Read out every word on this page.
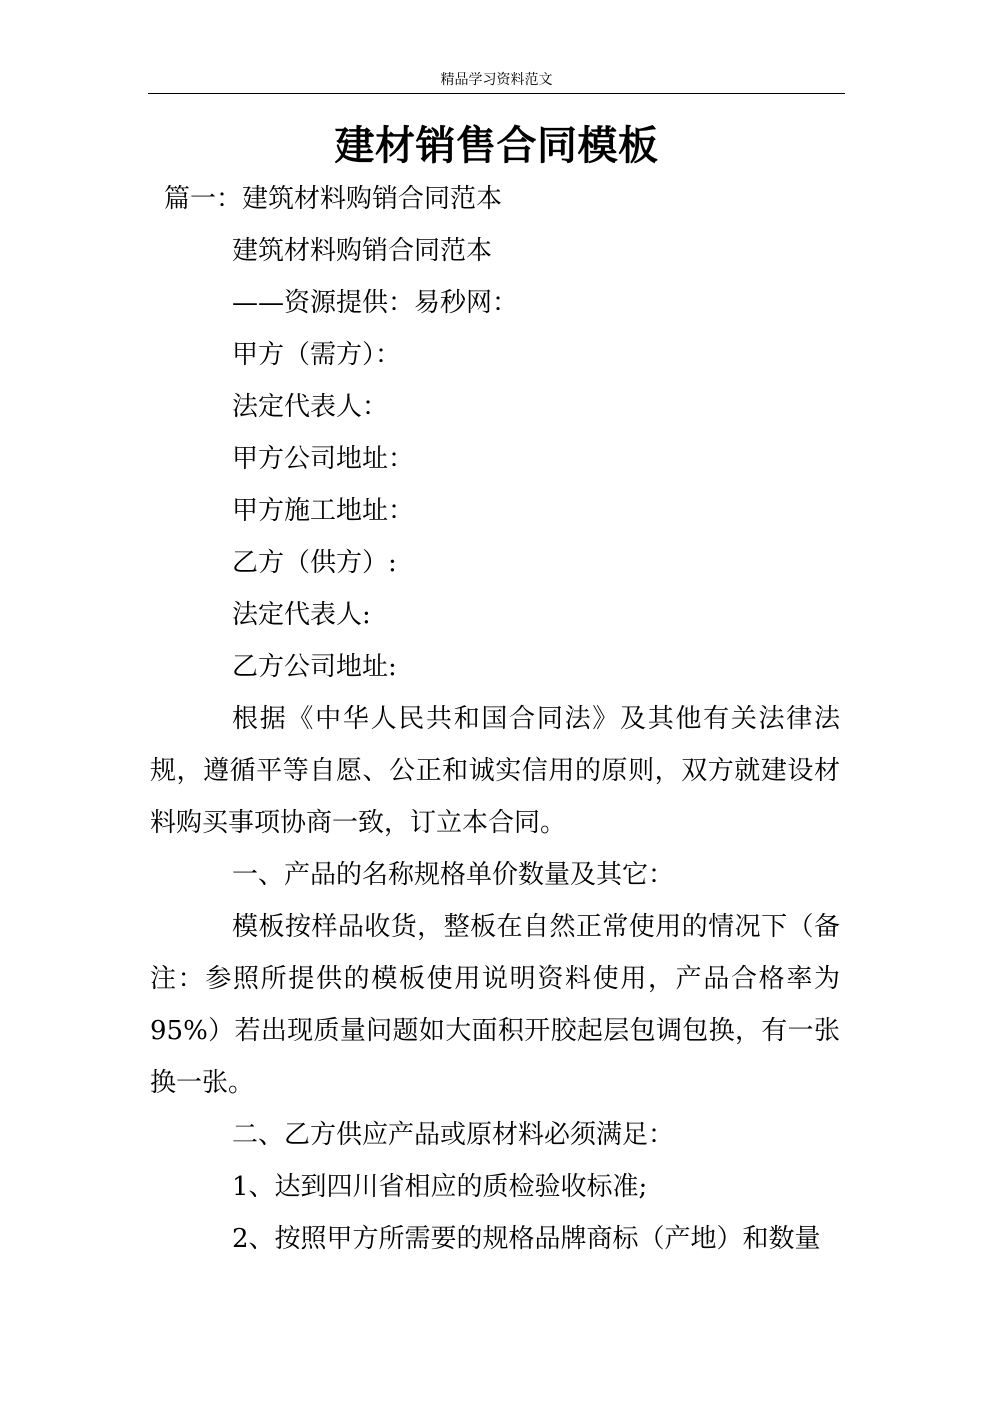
精品学习资料范文
建材销售合同模板

篇一：建筑材料购销合同范本

建筑材料购销合同范本

——资源提供：易秒网：

甲方（需方）：

法定代表人：

甲方公司地址：

甲方施工地址：

乙方（供方）:

法定代表人:

乙方公司地址:

根据《中华人民共和国合同法》及其他有关法律法规，遵循平等自愿、公正和诚实信用的原则，双方就建设材料购买事项协商一致，订立本合同。

一、产品的名称规格单价数量及其它：

模板按样品收货，整板在自然正常使用的情况下（备注：参照所提供的模板使用说明资料使用，产品合格率为 95%）若出现质量问题如大面积开胶起层包调包换，有一张换一张。

二、乙方供应产品或原材料必须满足：

1、达到四川省相应的质检验收标准;

2、按照甲方所需要的规格品牌商标（产地）和数量
